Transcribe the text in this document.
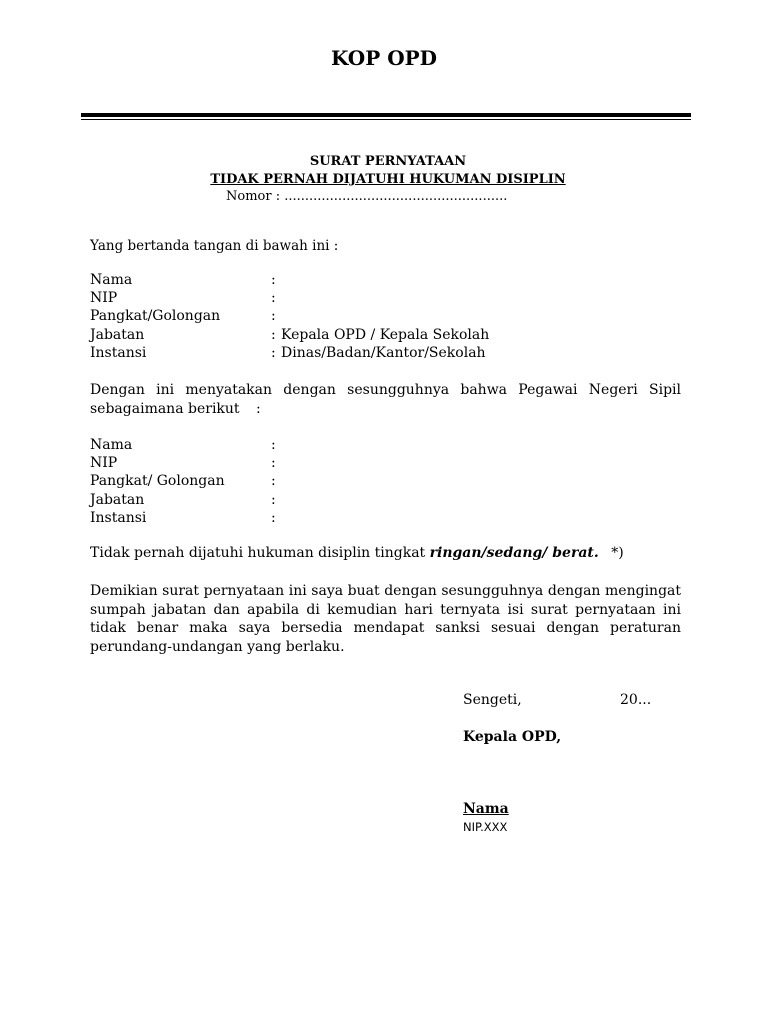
KOP OPD
SURAT PERNYATAAN
TIDAK PERNAH DIJATUHI HUKUMAN DISIPLIN
Nomor : ......................................................
Yang bertanda tangan di bawah ini :
Nama	:
NIP	:
Pangkat/Golongan	:
Jabatan	: Kepala OPD / Kepala Sekolah
Instansi	: Dinas/Badan/Kantor/Sekolah
Dengan ini menyatakan dengan sesungguhnya bahwa Pegawai Negeri Sipil
sebagaimana berikut :
Nama	:
NIP	:
Pangkat/ Golongan	:
Jabatan	:
Instansi	:
Tidak pernah dijatuhi hukuman disiplin tingkat ringan/sedang/ berat. *)
Demikian surat pernyataan ini saya buat dengan sesungguhnya dengan mengingat sumpah jabatan dan apabila di kemudian hari ternyata isi surat pernyataan ini tidak benar maka saya bersedia mendapat sanksi sesuai dengan peraturan perundang-undangan yang berlaku.
Sengeti,	20...
Kepala OPD,
Nama
NIP.XXX
